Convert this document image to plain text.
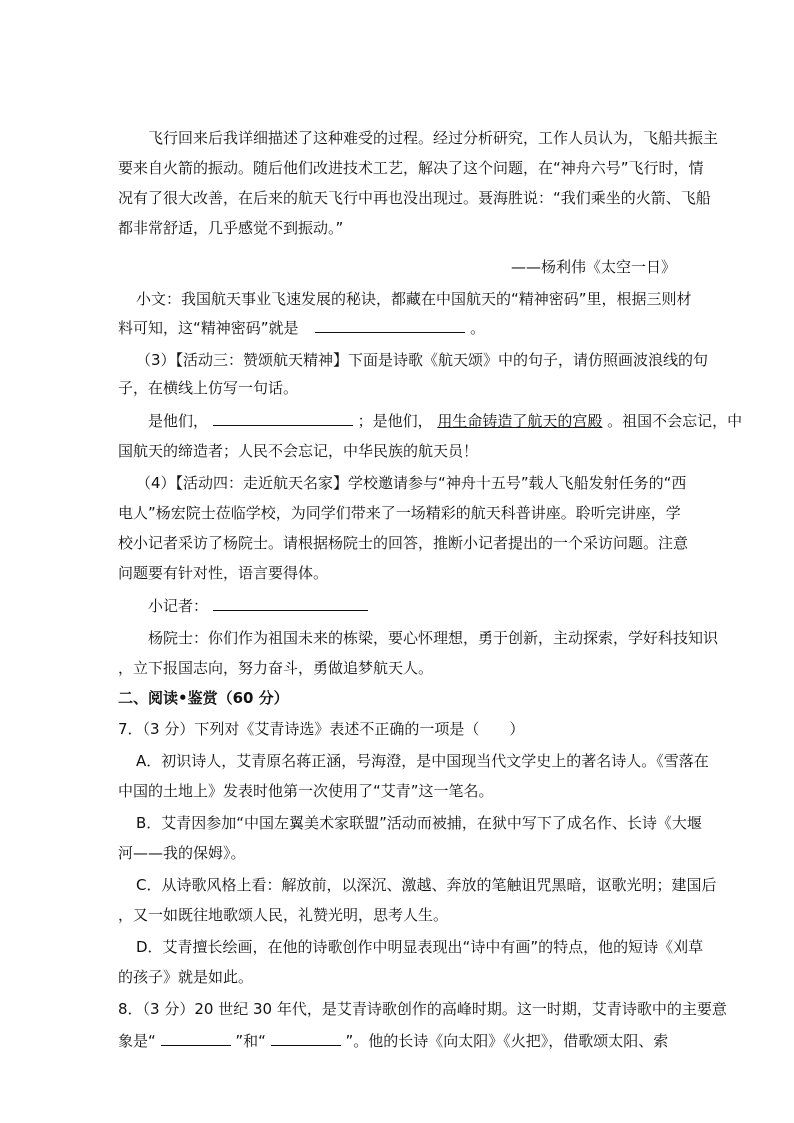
飞行回来后我详细描述了这种难受的过程。经过分析研究，工作人员认为，飞船共振主
要来自火箭的振动。随后他们改进技术工艺，解决了这个问题，在“神舟六号”飞行时，情
况有了很大改善，在后来的航天飞行中再也没出现过。聂海胜说：“我们乘坐的火箭、飞船
都非常舒适，几乎感觉不到振动。”
——杨利伟《太空一日》
小文：我国航天事业飞速发展的秘诀，都藏在中国航天的“精神密码”里，根据三则材
料可知，这“精神密码”就是	。
（3）【活动三：赞颂航天精神】下面是诗歌《航天颂》中的句子，请仿照画波浪线的句
子，在横线上仿写一句话。
是他们，	；是他们， 用生命铸造了航天的宫殿 。祖国不会忘记，中
国航天的缔造者；人民不会忘记，中华民族的航天员！
（4）【活动四：走近航天名家】学校邀请参与“神舟十五号”载人飞船发射任务的“西
电人”杨宏院士莅临学校，为同学们带来了一场精彩的航天科普讲座。聆听完讲座，学
校小记者采访了杨院士。请根据杨院士的回答，推断小记者提出的一个采访问题。注意
问题要有针对性，语言要得体。
小记者：
杨院士：你们作为祖国未来的栋梁，要心怀理想，勇于创新，主动探索，学好科技知识
，立下报国志向，努力奋斗，勇做追梦航天人。
二、阅读•鉴赏（60 分）
7．（3 分）下列对《艾青诗选》表述不正确的一项是（　　）
A．初识诗人，艾青原名蒋正涵，号海澄，是中国现当代文学史上的著名诗人。《雪落在
中国的土地上》发表时他第一次使用了“艾青”这一笔名。
B．艾青因参加“中国左翼美术家联盟”活动而被捕，在狱中写下了成名作、长诗《大堰
河——我的保姆》。
C．从诗歌风格上看：解放前，以深沉、激越、奔放的笔触诅咒黑暗，讴歌光明；建国后
，又一如既往地歌颂人民，礼赞光明，思考人生。
D．艾青擅长绘画，在他的诗歌创作中明显表现出“诗中有画”的特点，他的短诗《刈草
的孩子》就是如此。
8．（3 分）20 世纪 30 年代，是艾青诗歌创作的高峰时期。这一时期，艾青诗歌中的主要意
象是“	”和“	”。他的长诗《向太阳》《火把》，借歌颂太阳、索
